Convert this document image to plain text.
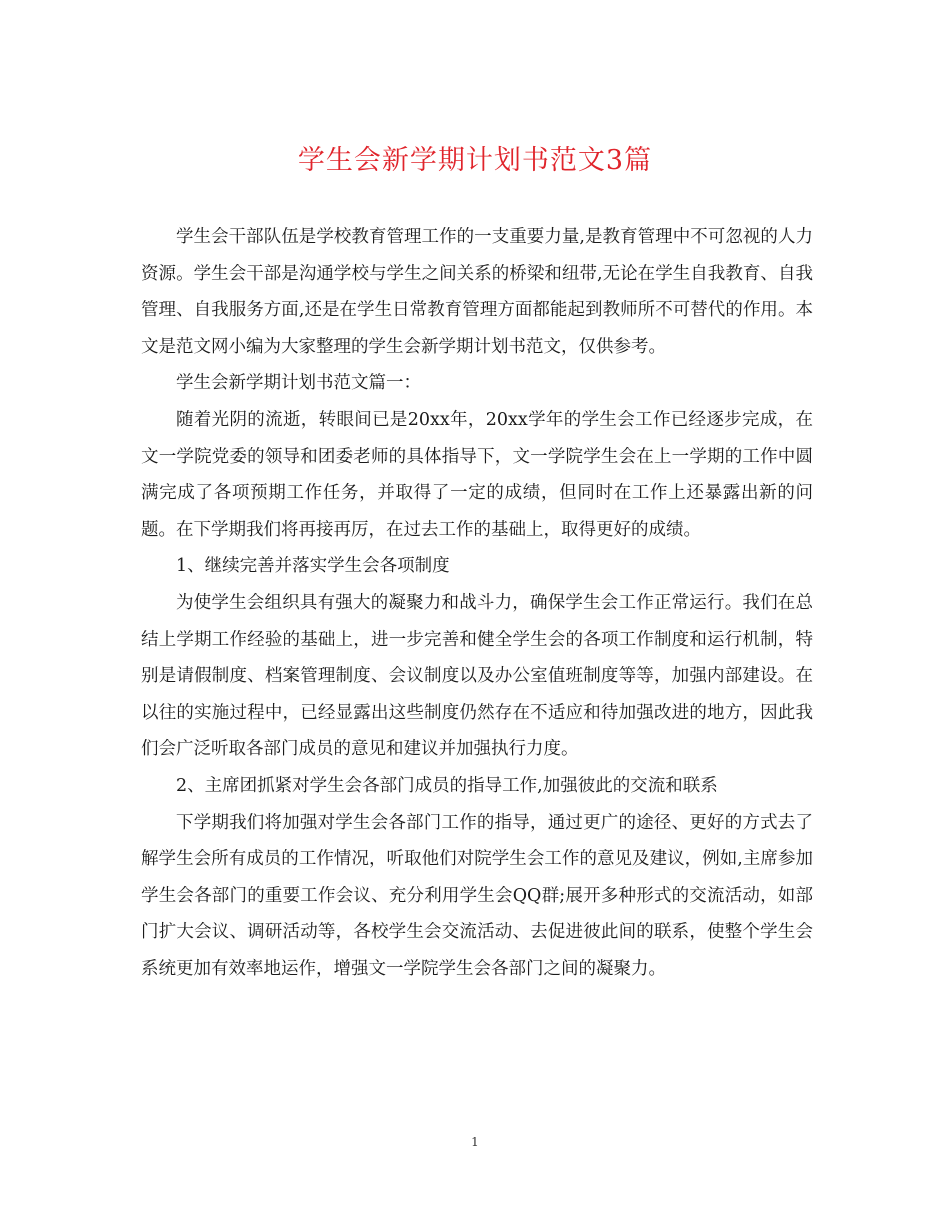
学生会新学期计划书范文3篇

学生会干部队伍是学校教育管理工作的一支重要力量,是教育管理中不可忽视的人力资源。学生会干部是沟通学校与学生之间关系的桥梁和纽带,无论在学生自我教育、自我管理、自我服务方面,还是在学生日常教育管理方面都能起到教师所不可替代的作用。本文是范文网小编为大家整理的学生会新学期计划书范文，仅供参考。

学生会新学期计划书范文篇一：

随着光阴的流逝，转眼间已是20xx年，20xx学年的学生会工作已经逐步完成，在文一学院党委的领导和团委老师的具体指导下，文一学院学生会在上一学期的工作中圆满完成了各项预期工作任务，并取得了一定的成绩，但同时在工作上还暴露出新的问题。在下学期我们将再接再厉，在过去工作的基础上，取得更好的成绩。

1、继续完善并落实学生会各项制度

为使学生会组织具有强大的凝聚力和战斗力，确保学生会工作正常运行。我们在总结上学期工作经验的基础上，进一步完善和健全学生会的各项工作制度和运行机制，特别是请假制度、档案管理制度、会议制度以及办公室值班制度等等，加强内部建设。在以往的实施过程中，已经显露出这些制度仍然存在不适应和待加强改进的地方，因此我们会广泛听取各部门成员的意见和建议并加强执行力度。

2、主席团抓紧对学生会各部门成员的指导工作,加强彼此的交流和联系

下学期我们将加强对学生会各部门工作的指导，通过更广的途径、更好的方式去了解学生会所有成员的工作情况，听取他们对院学生会工作的意见及建议，例如,主席参加学生会各部门的重要工作会议、充分利用学生会QQ群;展开多种形式的交流活动，如部门扩大会议、调研活动等，各校学生会交流活动、去促进彼此间的联系，使整个学生会系统更加有效率地运作，增强文一学院学生会各部门之间的凝聚力。

1
